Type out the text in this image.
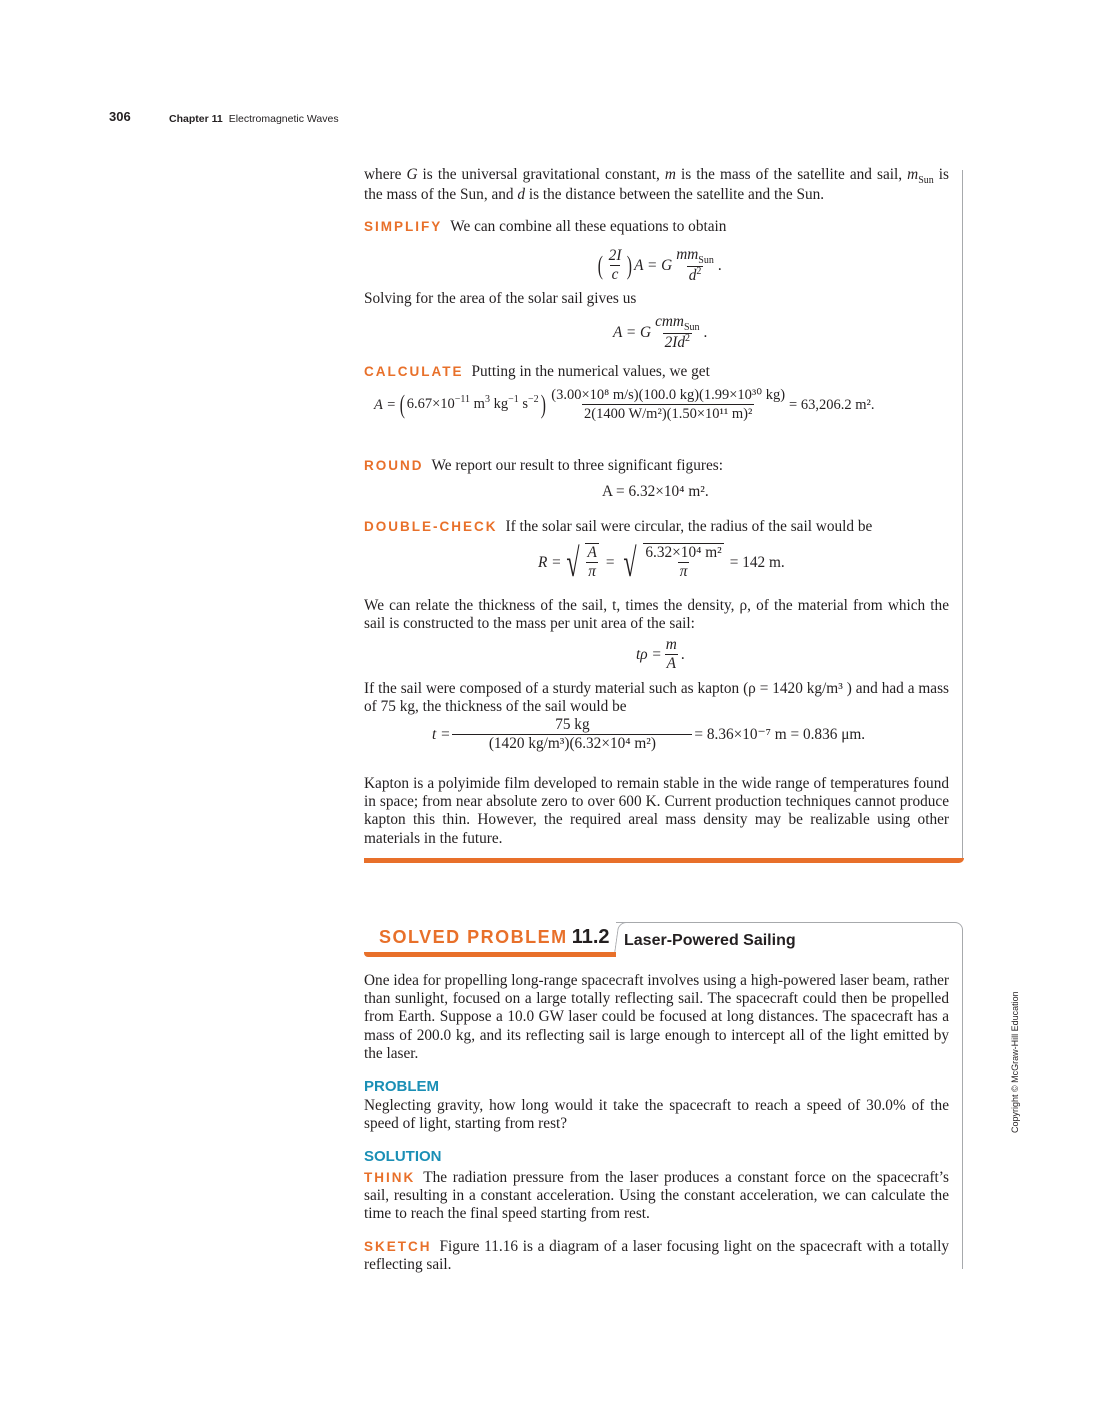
306	Chapter 11 Electromagnetic Waves

where G is the universal gravitational constant, m is the mass of the satellite and sail, $m_{Sun}$ is the mass of the Sun, and d is the distance between the satellite and the Sun.

SIMPLIFY We can combine all these equations to obtain

( $\frac{2I}{c}$ ) A = G $\frac{mm_{Sun}}{d^2}$ .

Solving for the area of the solar sail gives us

A = G $\frac{cmm_{Sun}}{2Id^2}$ .

CALCULATE Putting in the numerical values, we get

A = ( $6.67\times 10^{-11}$ $m^3$ $kg^{-1}$ $s^{-2}) \frac{\text{(3.00×10⁸ m/s)(100.0 kg)(1.99×10³⁰ kg)}}{\text{2(1400 W/m²)(1.50×10¹¹ m)²}} = 63,206.2$ m².

ROUND We report our result to three significant figures:

A = 6.32×10⁴ m².

DOUBLE-CHECK If the solar sail were circular, the radius of the sail would be

R = √ $\frac{A}{\pi}$ = √ $\frac{\text{6.32×10⁴ m²}}{\pi} = 142$ m.

We can relate the thickness of the sail, t, times the density, ρ, of the material from which the sail is constructed to the mass per unit area of the sail:

$t\rho = \frac{m}{A}$ .

If the sail were composed of a sturdy material such as kapton (ρ = 1420 kg/m³ ) and had a mass of 75 kg, the thickness of the sail would be

$t = \frac{75 kg}{\text{(1420 kg/m³)(6.32×10⁴ m²)}} = 8.36\times 10^{-7}$ m = 0.836 μm.

Kapton is a polyimide film developed to remain stable in the wide range of temperatures found in space; from near absolute zero to over 600 K. Current production techniques cannot produce kapton this thin. However, the required areal mass density may be realizable using other materials in the future.

SOLVED PROBLEM 11.2 Laser-Powered Sailing

One idea for propelling long-range spacecraft involves using a high-powered laser beam, rather than sunlight, focused on a large totally reflecting sail. The spacecraft could then be propelled from Earth. Suppose a 10.0 GW laser could be focused at long distances. The spacecraft has a mass of 200.0 kg, and its reflecting sail is large enough to intercept all of the light emitted by the laser.

PROBLEM

Neglecting gravity, how long would it take the spacecraft to reach a speed of 30.0% of the speed of light, starting from rest?

SOLUTION

THINK The radiation pressure from the laser produces a constant force on the spacecraft’s sail, resulting in a constant acceleration. Using the constant acceleration, we can calculate the time to reach the final speed starting from rest.

SKETCH Figure 11.16 is a diagram of a laser focusing light on the spacecraft with a totally reflecting sail.

Copyright © McGraw-Hill Education
